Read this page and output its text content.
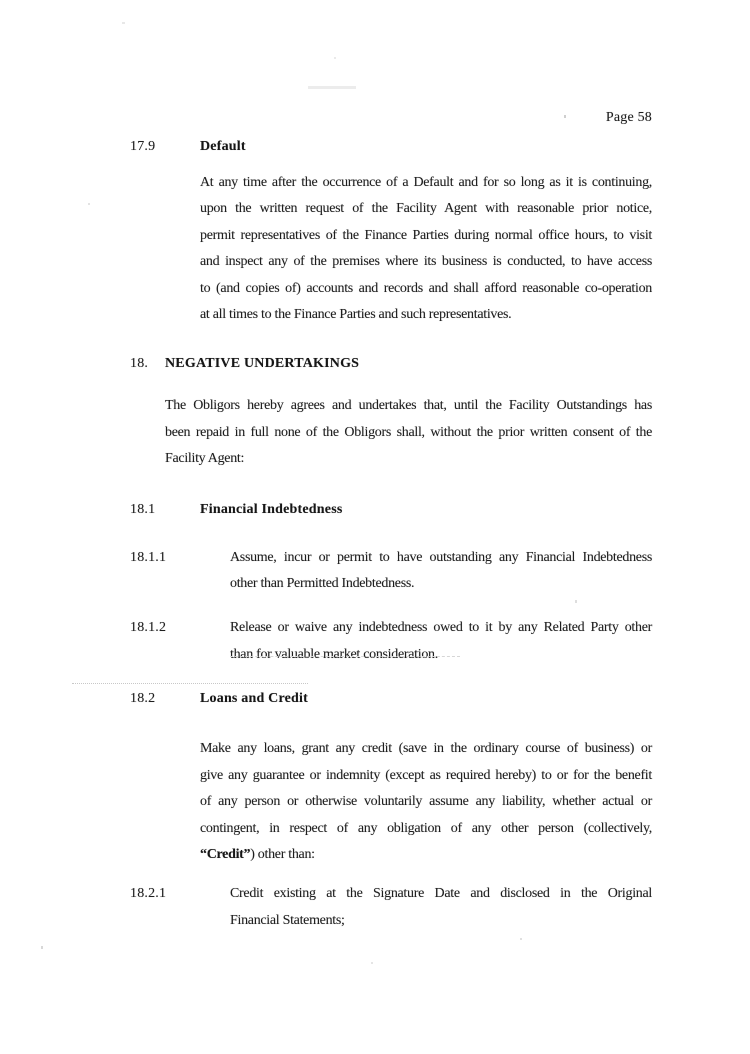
Page 58
17.9	Default
At any time after the occurrence of a Default and for so long as it is continuing,
upon the written request of the Facility Agent with reasonable prior notice,
permit representatives of the Finance Parties during normal office hours, to visit
and inspect any of the premises where its business is conducted, to have access
to (and copies of) accounts and records and shall afford reasonable co-operation
at all times to the Finance Parties and such representatives.
18.	NEGATIVE UNDERTAKINGS
The Obligors hereby agrees and undertakes that, until the Facility Outstandings has
been repaid in full none of the Obligors shall, without the prior written consent of the
Facility Agent:
18.1	Financial Indebtedness
18.1.1	Assume, incur or permit to have outstanding any Financial Indebtedness
other than Permitted Indebtedness.
18.1.2	Release or waive any indebtedness owed to it by any Related Party other
than for valuable market consideration.
18.2	Loans and Credit
Make any loans, grant any credit (save in the ordinary course of business) or
give any guarantee or indemnity (except as required hereby) to or for the benefit
of any person or otherwise voluntarily assume any liability, whether actual or
contingent, in respect of any obligation of any other person (collectively,
“Credit”) other than:
18.2.1	Credit existing at the Signature Date and disclosed in the Original
Financial Statements;
